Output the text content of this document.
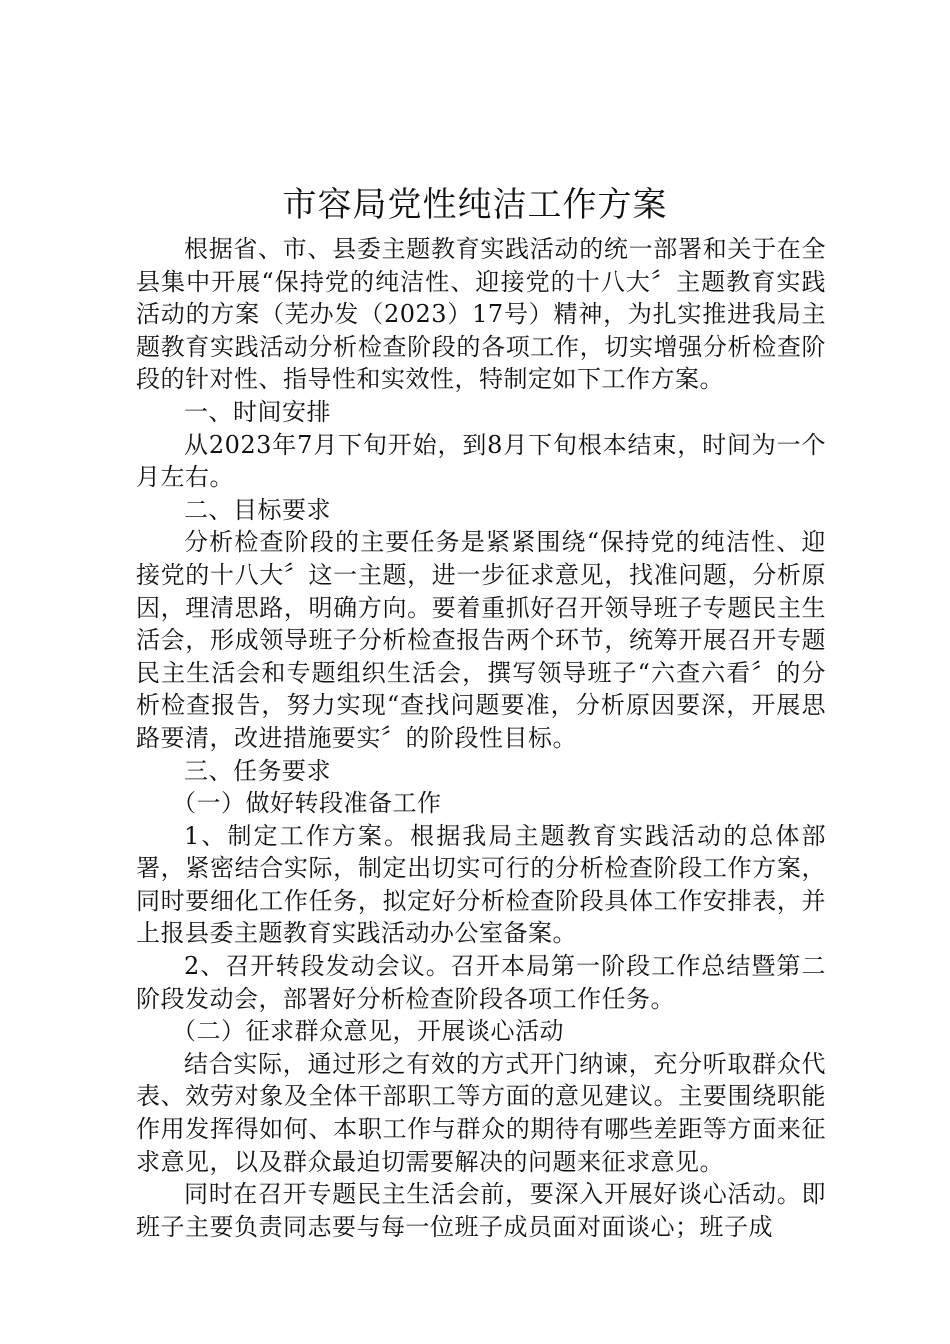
市容局党性纯洁工作方案

根据省、市、县委主题教育实践活动的统一部署和关于在全县集中开展“保持党的纯洁性、迎接党的十八大〞主题教育实践活动的方案（芜办发（2023）17号）精神，为扎实推进我局主题教育实践活动分析检查阶段的各项工作，切实增强分析检查阶段的针对性、指导性和实效性，特制定如下工作方案。

一、时间安排

从2023年7月下旬开始，到8月下旬根本结束，时间为一个月左右。

二、目标要求

分析检查阶段的主要任务是紧紧围绕“保持党的纯洁性、迎接党的十八大〞这一主题，进一步征求意见，找准问题，分析原因，理清思路，明确方向。要着重抓好召开领导班子专题民主生活会，形成领导班子分析检查报告两个环节，统筹开展召开专题民主生活会和专题组织生活会，撰写领导班子“六查六看〞的分析检查报告，努力实现“查找问题要准，分析原因要深，开展思路要清，改进措施要实〞的阶段性目标。

三、任务要求

（一）做好转段准备工作

1、制定工作方案。根据我局主题教育实践活动的总体部署，紧密结合实际，制定出切实可行的分析检查阶段工作方案，同时要细化工作任务，拟定好分析检查阶段具体工作安排表，并上报县委主题教育实践活动办公室备案。

2、召开转段发动会议。召开本局第一阶段工作总结暨第二阶段发动会，部署好分析检查阶段各项工作任务。

（二）征求群众意见，开展谈心活动

结合实际，通过形之有效的方式开门纳谏，充分听取群众代表、效劳对象及全体干部职工等方面的意见建议。主要围绕职能作用发挥得如何、本职工作与群众的期待有哪些差距等方面来征求意见，以及群众最迫切需要解决的问题来征求意见。

同时在召开专题民主生活会前，要深入开展好谈心活动。即班子主要负责同志要与每一位班子成员面对面谈心；班子成
